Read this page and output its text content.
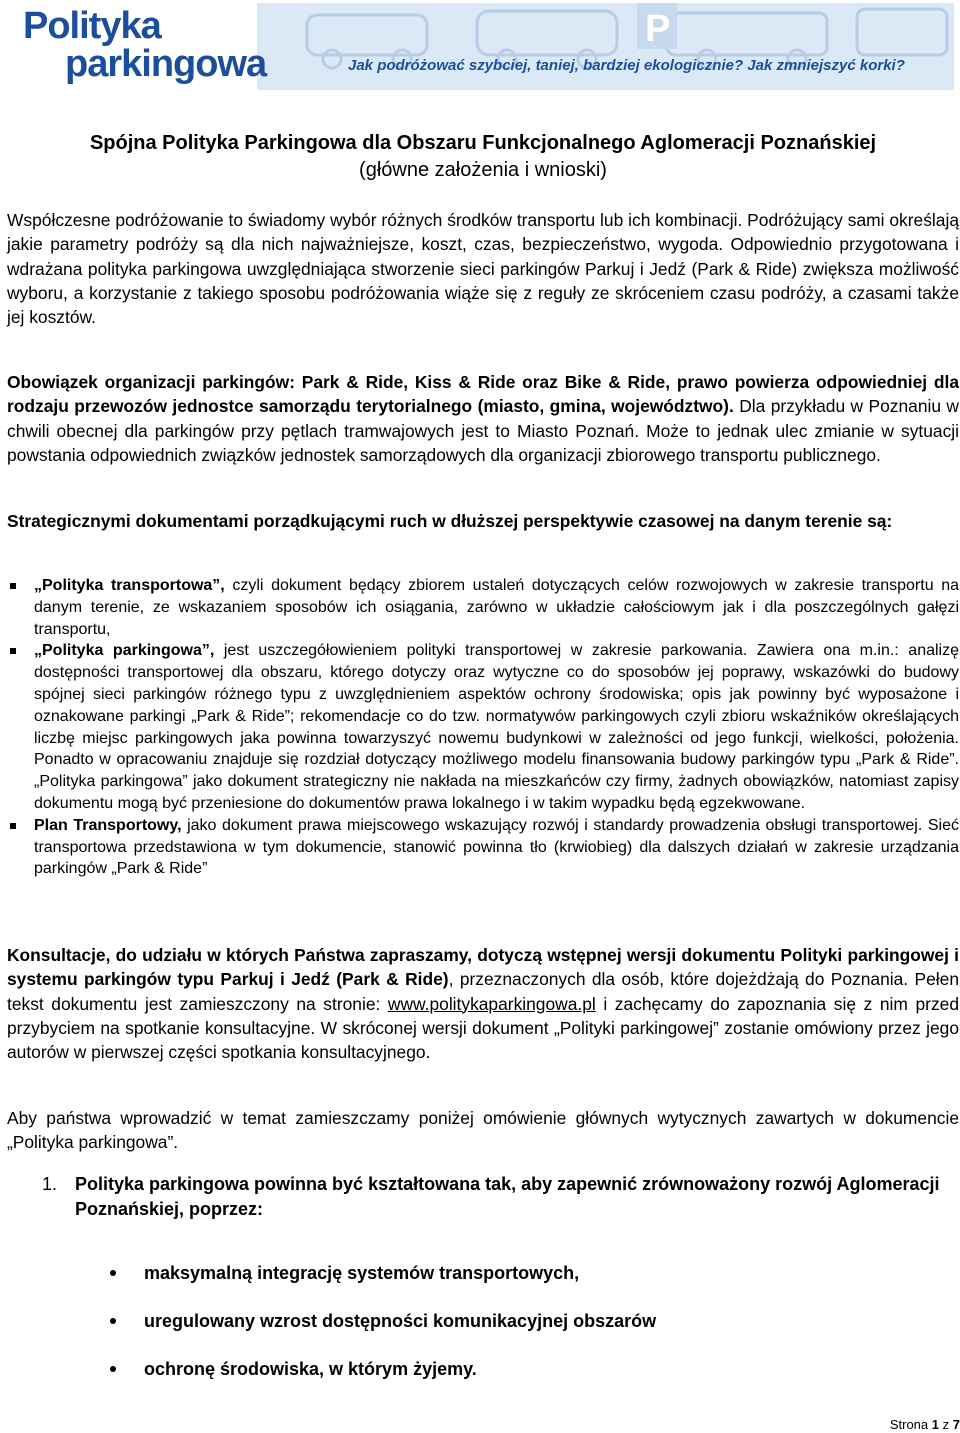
P
Polityka
parkingowa	Jak podróżować szybciej, taniej, bardziej ekologicznie? Jak zmniejszyć korki?
Spójna Polityka Parkingowa dla Obszaru Funkcjonalnego Aglomeracji Poznańskiej
(główne założenia i wnioski)
Współczesne podróżowanie to świadomy wybór różnych środków transportu lub ich kombinacji. Podróżujący sami określają jakie parametry podróży są dla nich najważniejsze, koszt, czas, bezpieczeństwo, wygoda. Odpowiednio przygotowana i wdrażana polityka parkingowa uwzględniająca stworzenie sieci parkingów Parkuj i Jedź (Park & Ride) zwiększa możliwość wyboru, a korzystanie z takiego sposobu podróżowania wiąże się z reguły ze skróceniem czasu podróży, a czasami także jej kosztów.
Obowiązek organizacji parkingów: Park & Ride, Kiss & Ride oraz Bike & Ride, prawo powierza odpowiedniej dla rodzaju przewozów jednostce samorządu terytorialnego (miasto, gmina, województwo). Dla przykładu w Poznaniu w chwili obecnej dla parkingów przy pętlach tramwajowych jest to Miasto Poznań. Może to jednak ulec zmianie w sytuacji powstania odpowiednich związków jednostek samorządowych dla organizacji zbiorowego transportu publicznego.
Strategicznymi dokumentami porządkującymi ruch w dłuższej perspektywie czasowej na danym terenie są:
„Polityka transportowa”, czyli dokument będący zbiorem ustaleń dotyczących celów rozwojowych w zakresie transportu na danym terenie, ze wskazaniem sposobów ich osiągania, zarówno w układzie całościowym jak i dla poszczególnych gałęzi transportu,
„Polityka parkingowa”, jest uszczegółowieniem polityki transportowej w zakresie parkowania. Zawiera ona m.in.: analizę dostępności transportowej dla obszaru, którego dotyczy oraz wytyczne co do sposobów jej poprawy, wskazówki do budowy spójnej sieci parkingów różnego typu z uwzględnieniem aspektów ochrony środowiska; opis jak powinny być wyposażone i oznakowane parkingi „Park & Ride”; rekomendacje co do tzw. normatywów parkingowych czyli zbioru wskaźników określających liczbę miejsc parkingowych jaka powinna towarzyszyć nowemu budynkowi w zależności od jego funkcji, wielkości, położenia. Ponadto w opracowaniu znajduje się rozdział dotyczący możliwego modelu finansowania budowy parkingów typu „Park & Ride”. „Polityka parkingowa” jako dokument strategiczny nie nakłada na mieszkańców czy firmy, żadnych obowiązków, natomiast zapisy dokumentu mogą być przeniesione do dokumentów prawa lokalnego i w takim wypadku będą egzekwowane.
Plan Transportowy, jako dokument prawa miejscowego wskazujący rozwój i standardy prowadzenia obsługi transportowej. Sieć transportowa przedstawiona w tym dokumencie, stanowić powinna tło (krwiobieg) dla dalszych działań w zakresie urządzania parkingów „Park & Ride”
Konsultacje, do udziału w których Państwa zapraszamy, dotyczą wstępnej wersji dokumentu Polityki parkingowej i systemu parkingów typu Parkuj i Jedź (Park & Ride), przeznaczonych dla osób, które dojeżdżają do Poznania. Pełen tekst dokumentu jest zamieszczony na stronie: www.politykaparkingowa.pl i zachęcamy do zapoznania się z nim przed przybyciem na spotkanie konsultacyjne. W skróconej wersji dokument „Polityki parkingowej” zostanie omówiony przez jego autorów w pierwszej części spotkania konsultacyjnego.
Aby państwa wprowadzić w temat zamieszczamy poniżej omówienie głównych wytycznych zawartych w dokumencie „Polityka parkingowa”.
1. Polityka parkingowa powinna być kształtowana tak, aby zapewnić zrównoważony rozwój Aglomeracji Poznańskiej, poprzez:
maksymalną integrację systemów transportowych,
uregulowany wzrost dostępności komunikacyjnej obszarów
ochronę środowiska, w którym żyjemy.
Strona 1 z 7
